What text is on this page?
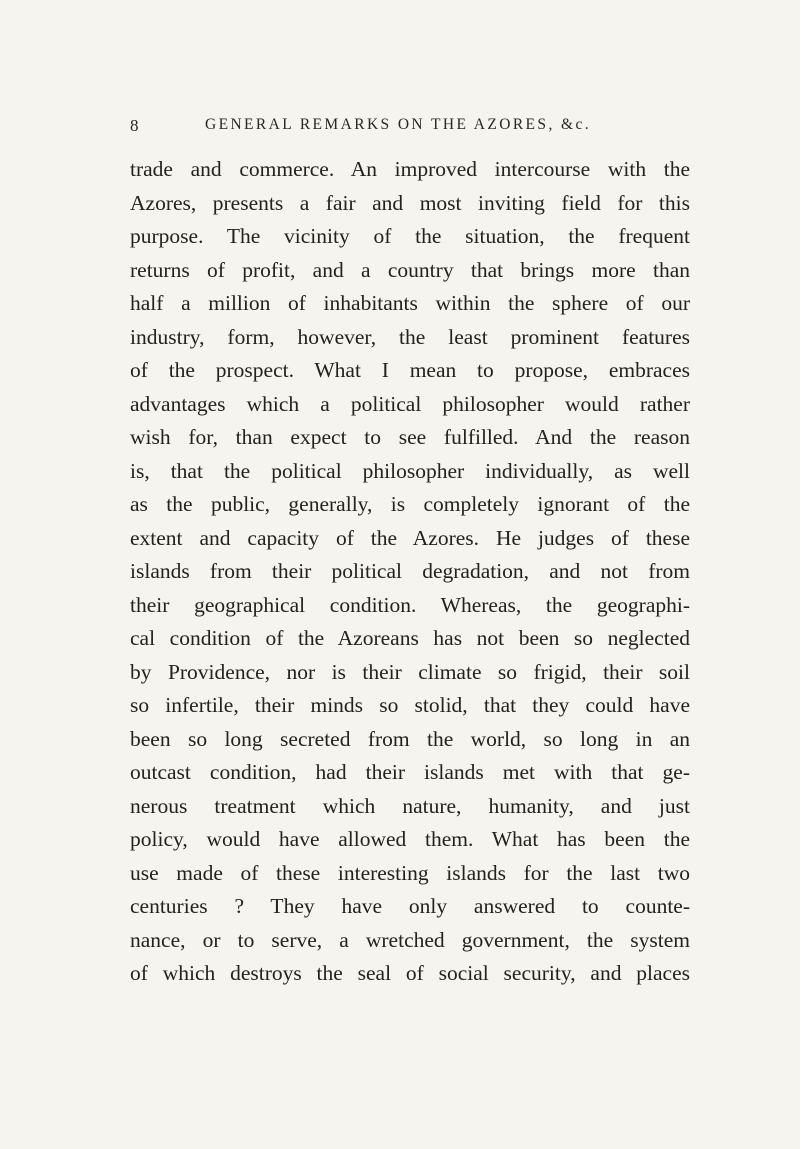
8	GENERAL REMARKS ON THE AZORES, &c.
trade and commerce. An improved intercourse with the
Azores, presents a fair and most inviting field for this
purpose. The vicinity of the situation, the frequent
returns of profit, and a country that brings more than
half a million of inhabitants within the sphere of our
industry, form, however, the least prominent features
of the prospect. What I mean to propose, embraces
advantages which a political philosopher would rather
wish for, than expect to see fulfilled. And the reason
is, that the political philosopher individually, as well
as the public, generally, is completely ignorant of the
extent and capacity of the Azores. He judges of these
islands from their political degradation, and not from
their geographical condition. Whereas, the geographi-
cal condition of the Azoreans has not been so neglected
by Providence, nor is their climate so frigid, their soil
so infertile, their minds so stolid, that they could have
been so long secreted from the world, so long in an
outcast condition, had their islands met with that ge-
nerous treatment which nature, humanity, and just
policy, would have allowed them. What has been the
use made of these interesting islands for the last two
centuries ? They have only answered to counte-
nance, or to serve, a wretched government, the system
of which destroys the seal of social security, and places
